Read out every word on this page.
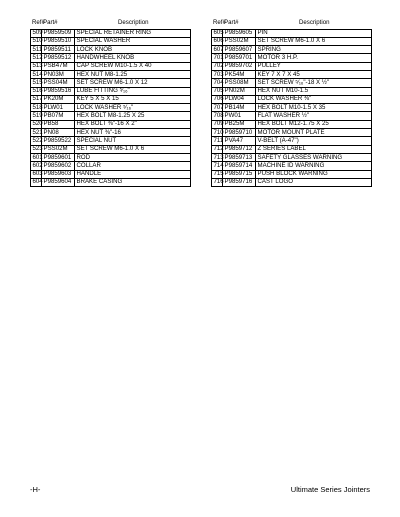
Ref#	Part#	Description
509	P9859509	SPECIAL RETAINER RING
510	P9859510	SPECIAL WASHER
511	P9859511	LOCK KNOB
512	P9859512	HANDWHEEL KNOB
513	PSB47M	CAP SCREW M10-1.5 X 40
514	PN03M	HEX NUT M8-1.25
515	PSS04M	SET SCREW M6-1.0 X 12
516	P9859516	LUBE FITTING ⁵⁄₁₆"
517	PK20M	KEY 5 X 5 X 15
518	PLW01	LOCK WASHER ⁵⁄₁₆"
519	PB07M	HEX BOLT M8-1.25 X 25
520	PB58	HEX BOLT ⅜"-16 X 2"
521	PN08	HEX NUT ⅜"-16
522	P9859522	SPECIAL NUT
523	PSS02M	SET SCREW M6-1.0 X 6
601	P9859601	ROD
602	P9859602	COLLAR
603	P9859603	HANDLE
604	P9859604	BRAKE CASING
Ref#	Part#	Description
605	P9859605	PIN
606	PSS02M	SET SCREW M6-1.0 X 6
607	P9859607	SPRING
701	P9859701	MOTOR 3 H.P.
702	P9859702	PULLEY
703	PK54M	KEY 7 X 7 X 45
704	PSS08M	SET SCREW ⁵⁄₁₆"-18 X ½"
705	PN02M	HEX NUT M10-1.5
706	PLW04	LOCK WASHER ⅜"
707	PB14M	HEX BOLT M10-1.5 X 35
708	PW01	FLAT WASHER ½"
709	PB25M	HEX BOLT M12-1.75 X 25
710	P9859710	MOTOR MOUNT PLATE
711	PVA47	V-BELT (A-47")
712	P9859712	Z SERIES LABEL
713	P9859713	SAFETY GLASSES WARNING
714	P9859714	MACHINE ID WARNING
715	P9859715	PUSH BLOCK WARNING
716	P9859716	CAST LOGO
-H-	Ultimate Series Jointers
